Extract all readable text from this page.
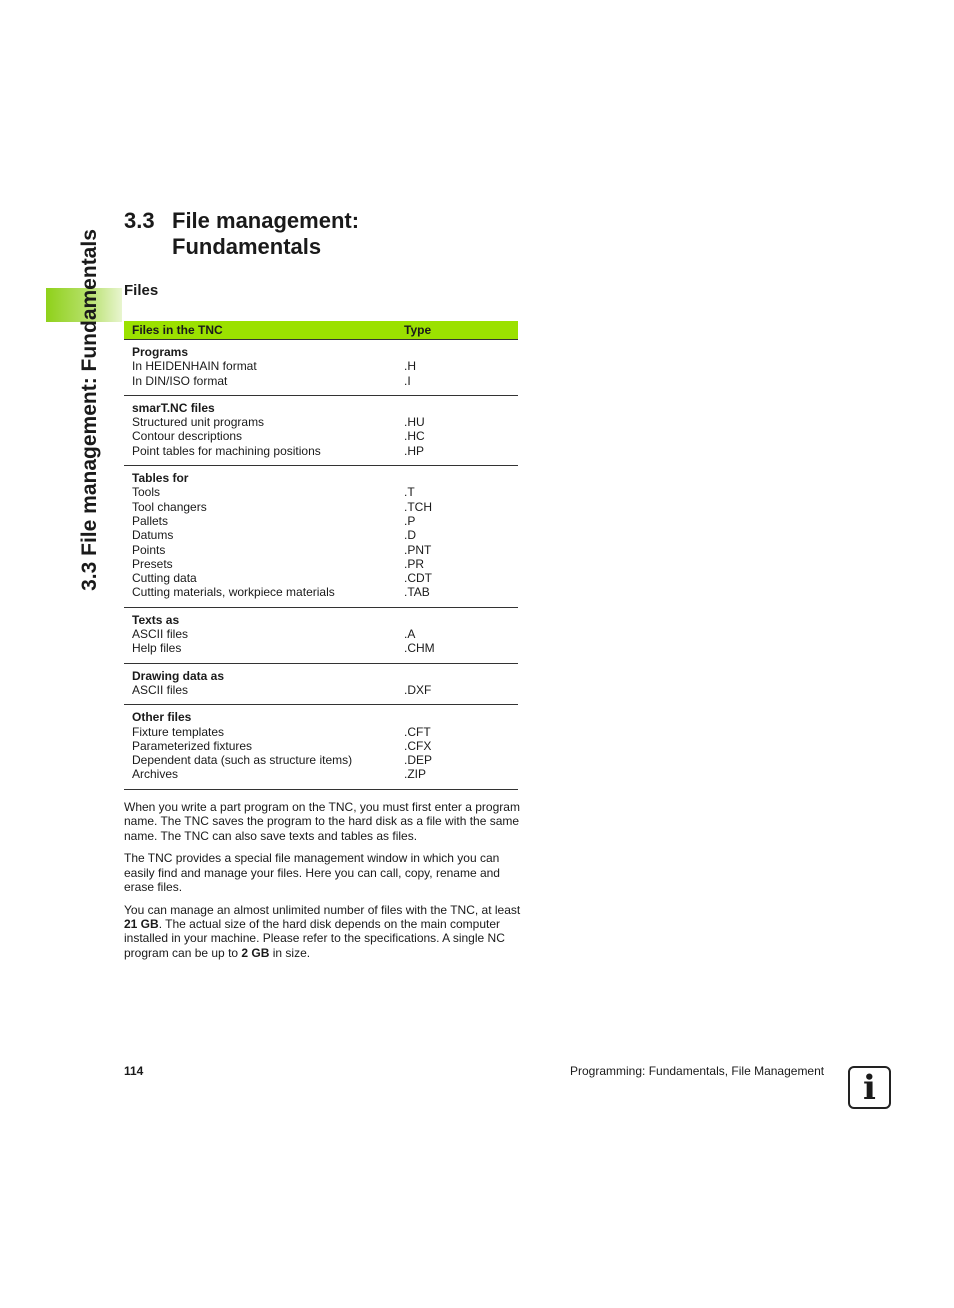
3.3 File management: Fundamentals
3.3 File management: Fundamentals
Files
Files in the TNC	Type
Programs
In HEIDENHAIN format	.H
In DIN/ISO format	.I
smarT.NC files
Structured unit programs	.HU
Contour descriptions	.HC
Point tables for machining positions	.HP
Tables for
Tools	.T
Tool changers	.TCH
Pallets	.P
Datums	.D
Points	.PNT
Presets	.PR
Cutting data	.CDT
Cutting materials, workpiece materials	.TAB
Texts as
ASCII files	.A
Help files	.CHM
Drawing data as
ASCII files	.DXF
Other files
Fixture templates	.CFT
Parameterized fixtures	.CFX
Dependent data (such as structure items)	.DEP
Archives	.ZIP

When you write a part program on the TNC, you must first enter a program name. The TNC saves the program to the hard disk as a file with the same name. The TNC can also save texts and tables as files.

The TNC provides a special file management window in which you can easily find and manage your files. Here you can call, copy, rename and erase files.

You can manage an almost unlimited number of files with the TNC, at least 21 GB. The actual size of the hard disk depends on the main computer installed in your machine. Please refer to the specifications. A single NC program can be up to 2 GB in size.

114	Programming: Fundamentals, File Management	i
